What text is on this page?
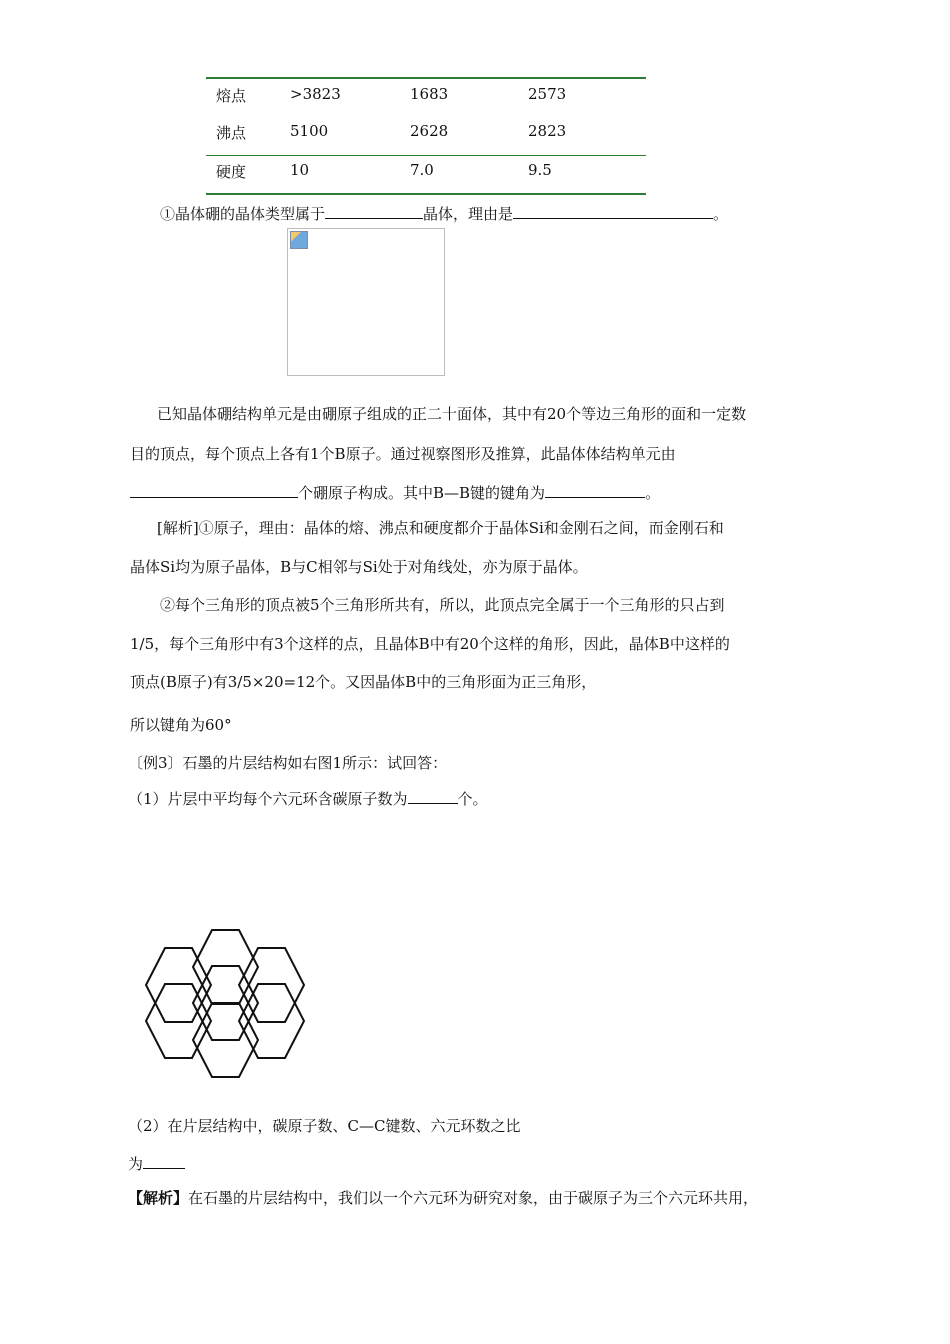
熔点	>3823	1683	2573
沸点	5100	2628	2823
硬度	10	7.0	9.5
①晶体硼的晶体类型属于	晶体，理由是	。
已知晶体硼结构单元是由硼原子组成的正二十面体，其中有20个等边三角形的面和一定数
目的顶点，每个顶点上各有1个B原子。通过视察图形及推算，此晶体体结构单元由
个硼原子构成。其中B—B键的键角为	。
[解析]①原子，理由：晶体的熔、沸点和硬度都介于晶体Si和金刚石之间，而金刚石和
晶体Si均为原子晶体，B与C相邻与Si处于对角线处，亦为原于晶体。
②每个三角形的顶点被5个三角形所共有，所以，此顶点完全属于一个三角形的只占到
1/5，每个三角形中有3个这样的点，且晶体B中有20个这样的角形，因此，晶体B中这样的
顶点(B原子)有3/5×20=12个。又因晶体B中的三角形面为正三角形，
所以键角为60°
〔例3〕石墨的片层结构如右图1所示：试回答：
（1）片层中平均每个六元环含碳原子数为	个。
（2）在片层结构中，碳原子数、C—C键数、六元环数之比
为
【解析】在石墨的片层结构中，我们以一个六元环为研究对象，由于碳原子为三个六元环共用，
